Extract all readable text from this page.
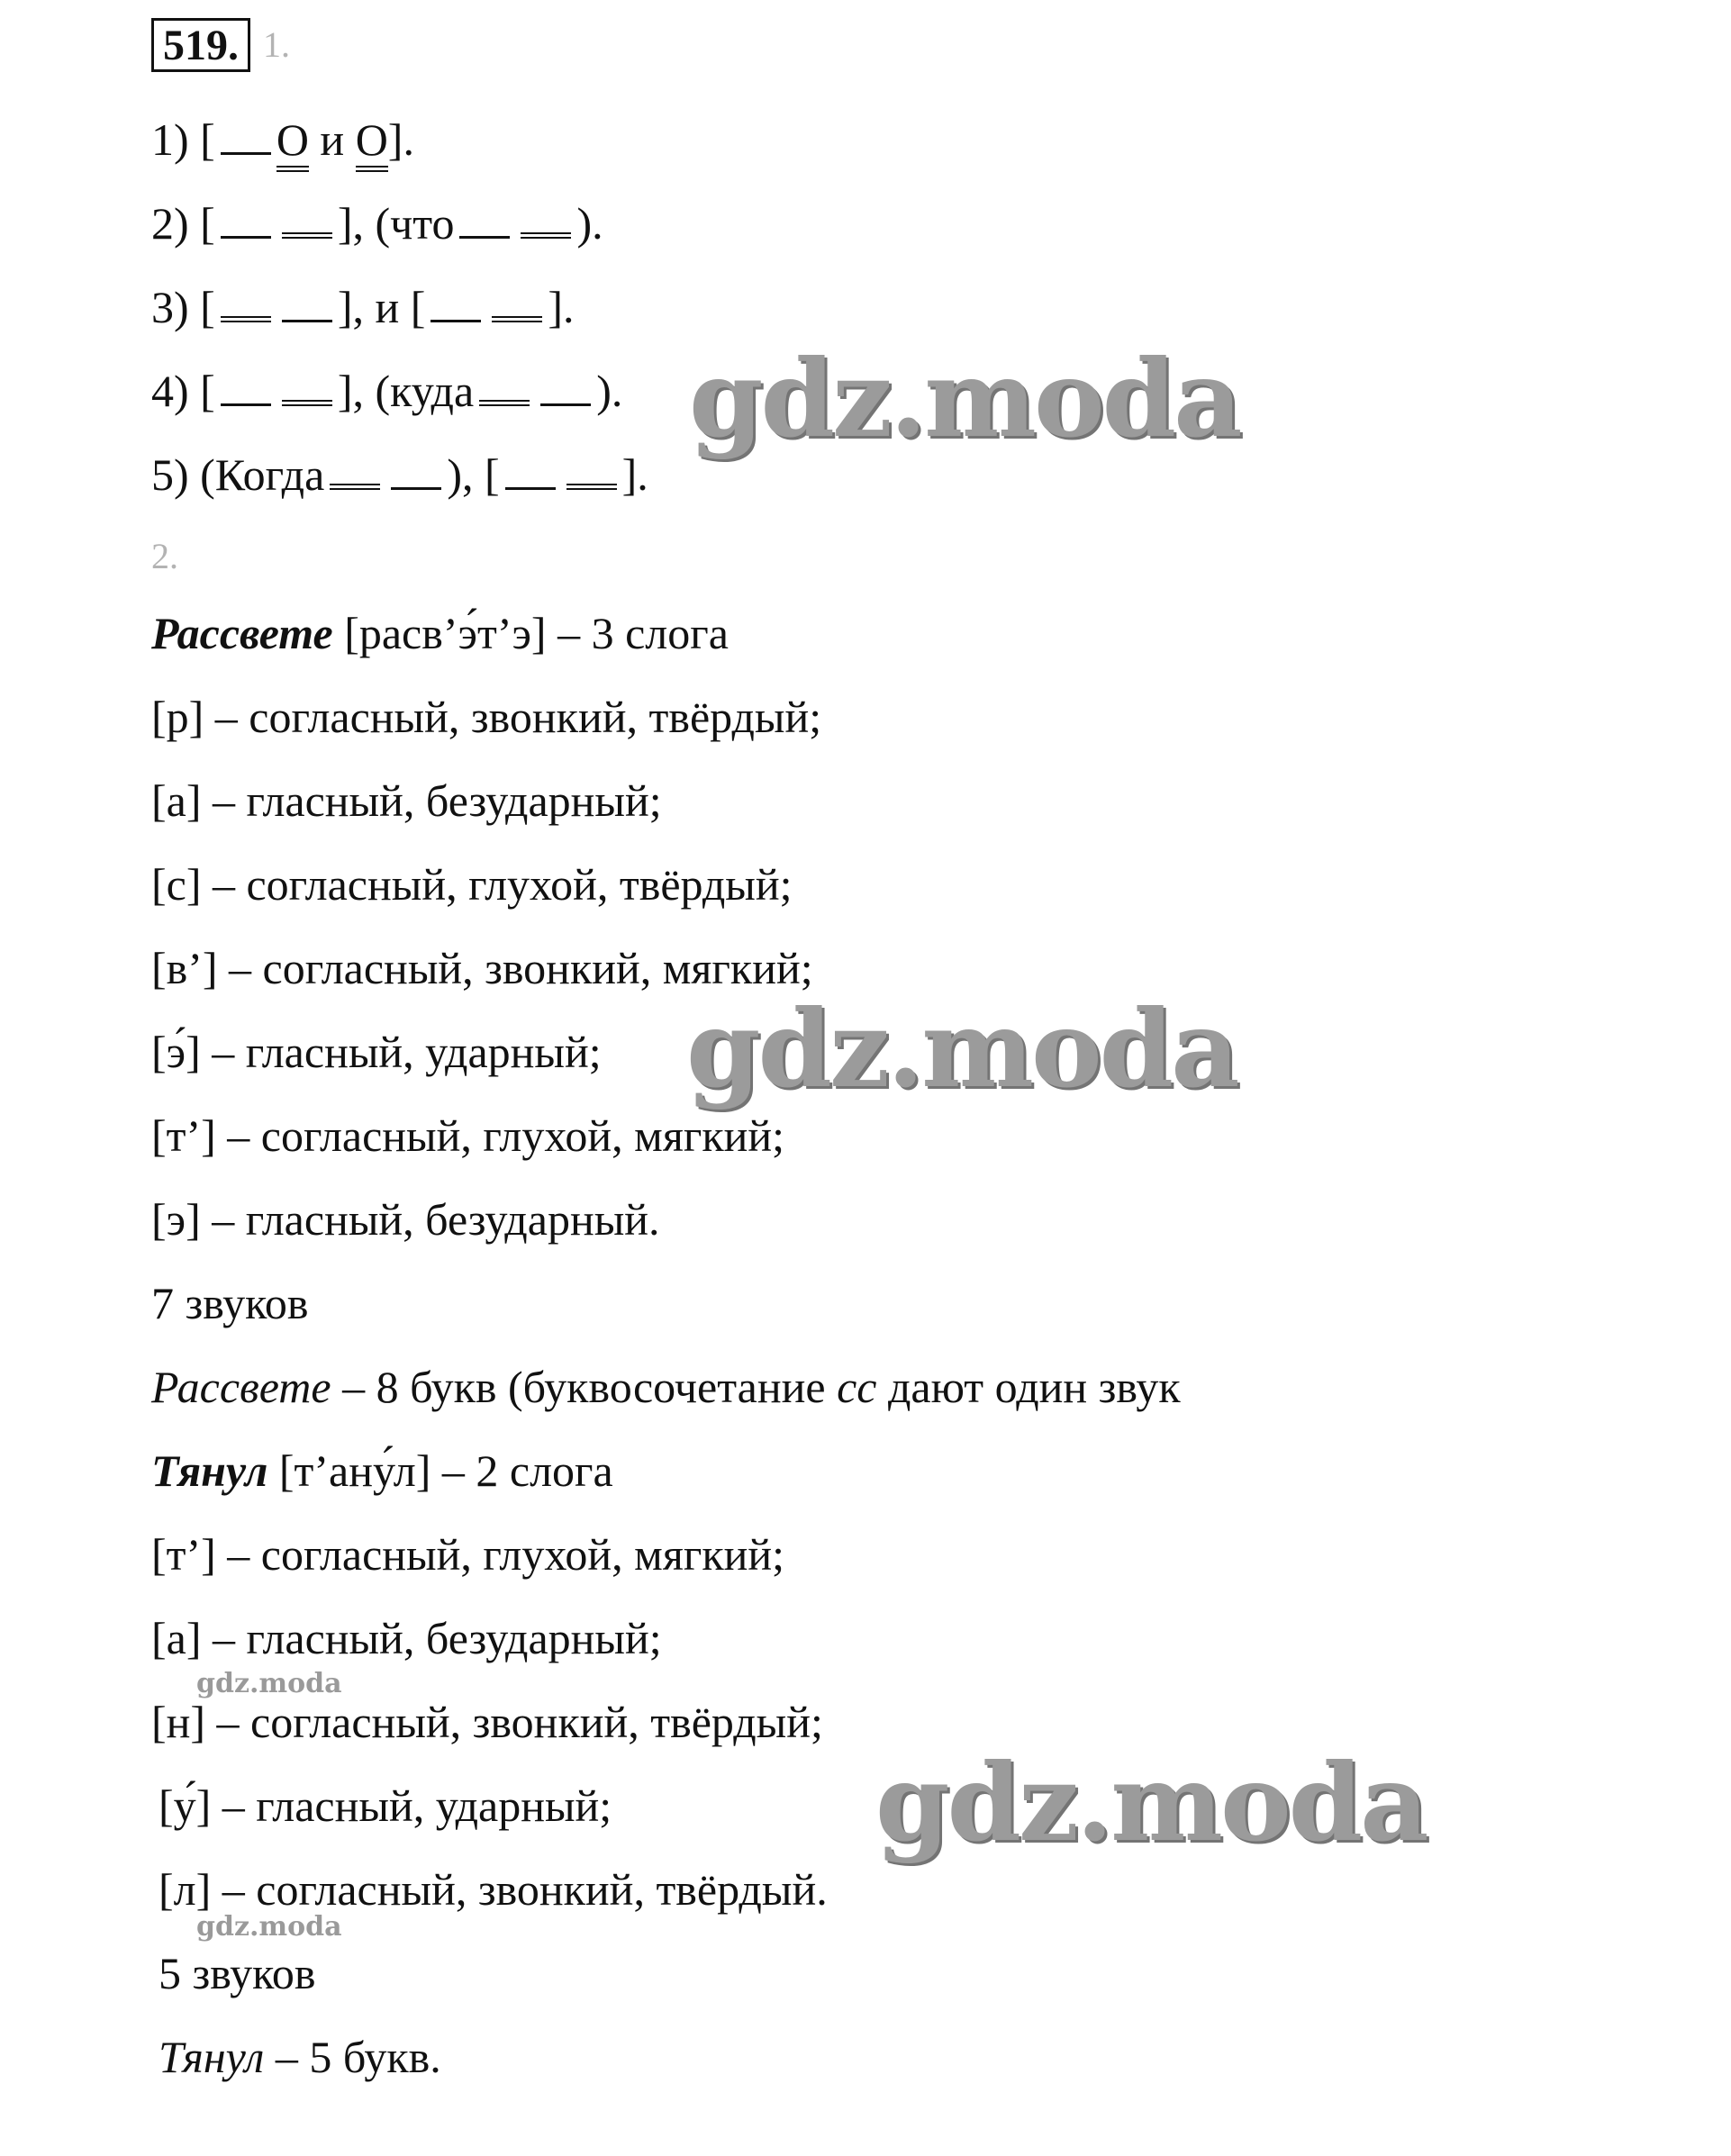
519. 1.
1) [ О и О].
2) [	], (что	).
3) [	], и [	].
4) [	], (куда	).
5) (Когда	), [	].
2.
Рассвете [расв’э́т’э] – 3 слога
[р] – согласный, звонкий, твёрдый;
[а] – гласный, безударный;
[с] – согласный, глухой, твёрдый;
[в’] – согласный, звонкий, мягкий;
[э́] – гласный, ударный;
[т’] – согласный, глухой, мягкий;
[э] – гласный, безударный.
7 звуков
Рассвете – 8 букв (буквосочетание сс дают один звук
Тянул [т’ану́л] – 2 слога
[т’] – согласный, глухой, мягкий;
[а] – гласный, безударный;
[н] – согласный, звонкий, твёрдый;
[у́] – гласный, ударный;
[л] – согласный, звонкий, твёрдый.
5 звуков
Тянул – 5 букв.
gdz.moda
gdz.moda
gdz.moda
gdz.moda
gdz.moda
